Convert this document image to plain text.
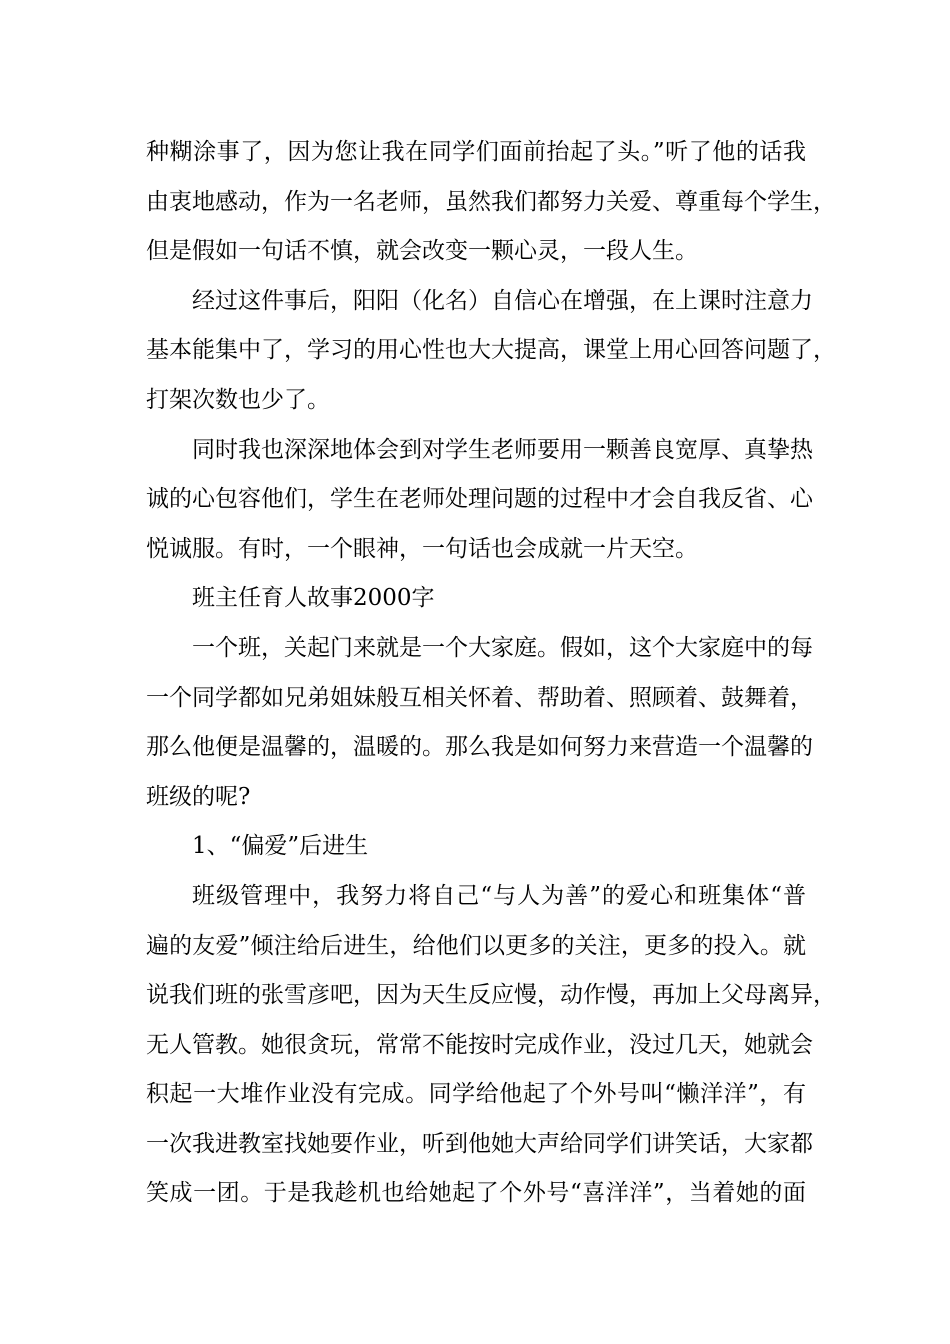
种糊涂事了，因为您让我在同学们面前抬起了头。”听了他的话我
由衷地感动，作为一名老师，虽然我们都努力关爱、尊重每个学生，
但是假如一句话不慎，就会改变一颗心灵，一段人生。
经过这件事后，阳阳（化名）自信心在增强，在上课时注意力
基本能集中了，学习的用心性也大大提高，课堂上用心回答问题了，
打架次数也少了。
同时我也深深地体会到对学生老师要用一颗善良宽厚、真挚热
诚的心包容他们，学生在老师处理问题的过程中才会自我反省、心
悦诚服。有时，一个眼神，一句话也会成就一片天空。
班主任育人故事2000字
一个班，关起门来就是一个大家庭。假如，这个大家庭中的每
一个同学都如兄弟姐妹般互相关怀着、帮助着、照顾着、鼓舞着，
那么他便是温馨的，温暖的。那么我是如何努力来营造一个温馨的
班级的呢?
1、“偏爱”后进生
班级管理中，我努力将自己“与人为善”的爱心和班集体“普
遍的友爱”倾注给后进生，给他们以更多的关注，更多的投入。就
说我们班的张雪彦吧，因为天生反应慢，动作慢，再加上父母离异，
无人管教。她很贪玩，常常不能按时完成作业，没过几天，她就会
积起一大堆作业没有完成。同学给他起了个外号叫“懒洋洋”，有
一次我进教室找她要作业，听到他她大声给同学们讲笑话，大家都
笑成一团。于是我趁机也给她起了个外号“喜洋洋”，当着她的面
